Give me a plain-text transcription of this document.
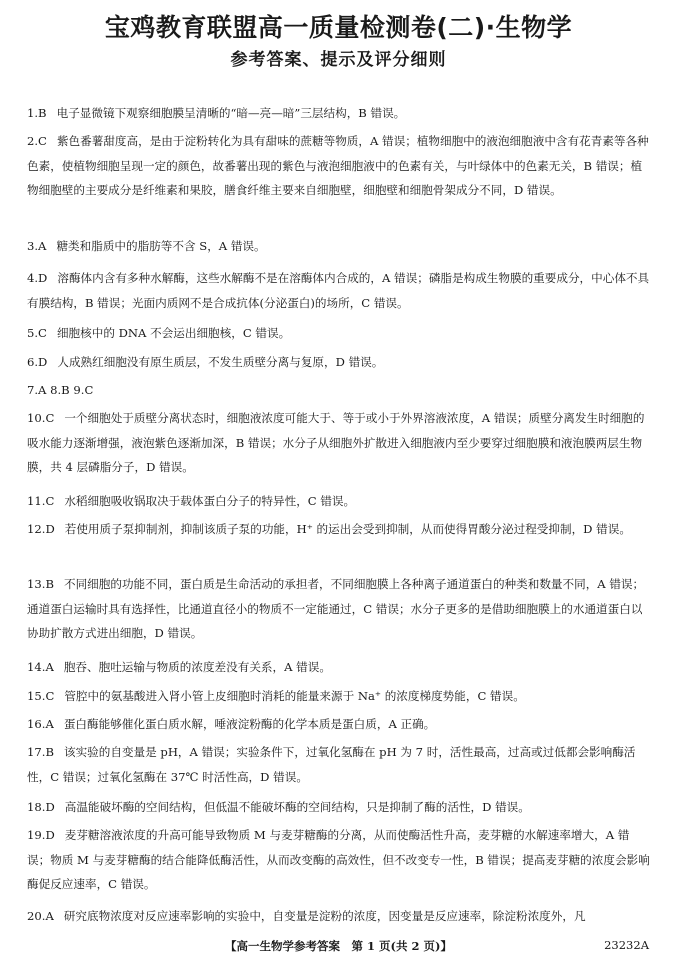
宝鸡教育联盟高一质量检测卷(二)·生物学
参考答案、提示及评分细则
1.B 电子显微镜下观察细胞膜呈清晰的“暗—亮—暗”三层结构，B 错误。
2.C 紫色番薯甜度高，是由于淀粉转化为具有甜味的蔗糖等物质，A 错误；植物细胞中的液泡细胞液中含有花青素等各种色素，使植物细胞呈现一定的颜色，故番薯出现的紫色与液泡细胞液中的色素有关，与叶绿体中的色素无关，B 错误；植物细胞壁的主要成分是纤维素和果胶，膳食纤维主要来自细胞壁，细胞壁和细胞骨架成分不同，D 错误。
3.A 糖类和脂质中的脂肪等不含 S，A 错误。
4.D 溶酶体内含有多种水解酶，这些水解酶不是在溶酶体内合成的，A 错误；磷脂是构成生物膜的重要成分，中心体不具有膜结构，B 错误；光面内质网不是合成抗体(分泌蛋白)的场所，C 错误。
5.C 细胞核中的 DNA 不会运出细胞核，C 错误。
6.D 人成熟红细胞没有原生质层，不发生质壁分离与复原，D 错误。
7.A 8.B 9.C
10.C 一个细胞处于质壁分离状态时，细胞液浓度可能大于、等于或小于外界溶液浓度，A 错误；质壁分离发生时细胞的吸水能力逐渐增强，液泡紫色逐渐加深，B 错误；水分子从细胞外扩散进入细胞液内至少要穿过细胞膜和液泡膜两层生物膜，共 4 层磷脂分子，D 错误。
11.C 水稻细胞吸收锅取决于载体蛋白分子的特异性，C 错误。
12.D 若使用质子泵抑制剂，抑制该质子泵的功能，H⁺ 的运出会受到抑制，从而使得胃酸分泌过程受抑制，D 错误。
13.B 不同细胞的功能不同，蛋白质是生命活动的承担者，不同细胞膜上各种离子通道蛋白的种类和数量不同，A 错误；通道蛋白运输时具有选择性，比通道直径小的物质不一定能通过，C 错误；水分子更多的是借助细胞膜上的水通道蛋白以协助扩散方式进出细胞，D 错误。
14.A 胞吞、胞吐运输与物质的浓度差没有关系，A 错误。
15.C 管腔中的氨基酸进入肾小管上皮细胞时消耗的能量来源于 Na⁺ 的浓度梯度势能，C 错误。
16.A 蛋白酶能够催化蛋白质水解，唾液淀粉酶的化学本质是蛋白质，A 正确。
17.B 该实验的自变量是 pH，A 错误；实验条件下，过氧化氢酶在 pH 为 7 时，活性最高，过高或过低都会影响酶活性，C 错误；过氧化氢酶在 37℃ 时活性高，D 错误。
18.D 高温能破坏酶的空间结构，但低温不能破坏酶的空间结构，只是抑制了酶的活性，D 错误。
19.D 麦芽糖溶液浓度的升高可能导致物质 M 与麦芽糖酶的分离，从而使酶活性升高，麦芽糖的水解速率增大，A 错误；物质 M 与麦芽糖酶的结合能降低酶活性，从而改变酶的高效性，但不改变专一性，B 错误；提高麦芽糖的浓度会影响酶促反应速率，C 错误。
20.A 研究底物浓度对反应速率影响的实验中，自变量是淀粉的浓度，因变量是反应速率，除淀粉浓度外，凡
【高一生物学参考答案　第 1 页(共 2 页)】	23232A
